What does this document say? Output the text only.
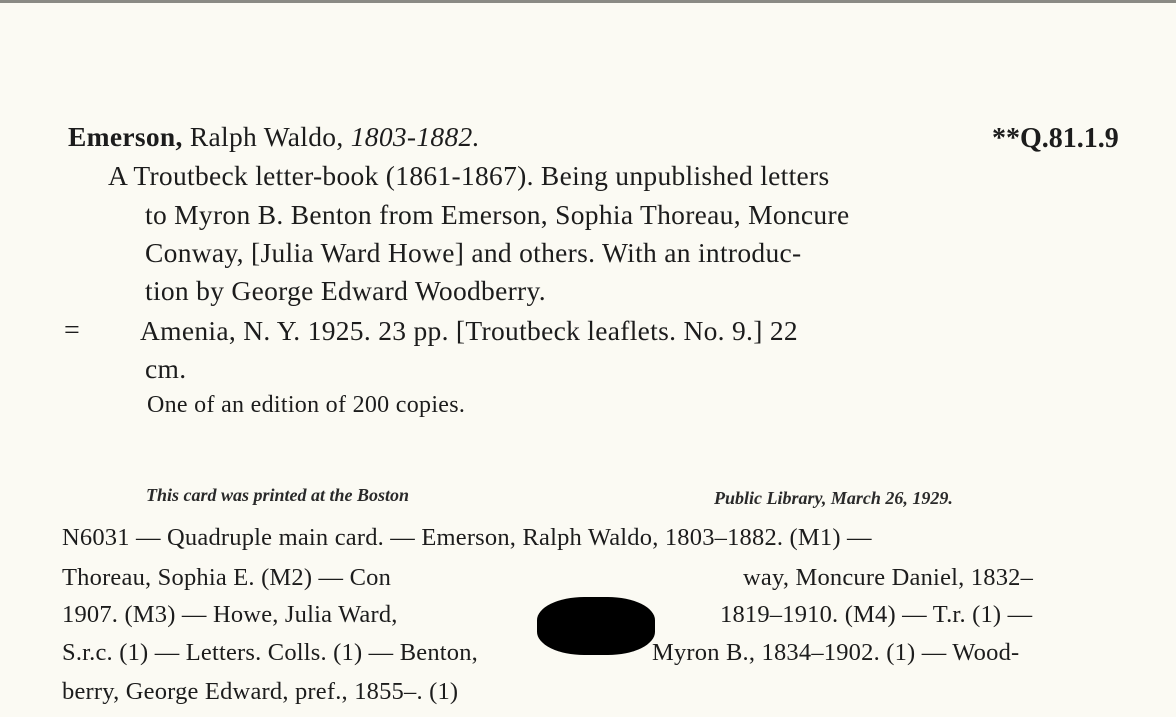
Emerson, Ralph Waldo, 1803-1882.	**Q.81.1.9
A Troutbeck letter-book (1861-1867). Being unpublished letters
to Myron B. Benton from Emerson, Sophia Thoreau, Moncure
Conway, [Julia Ward Howe] and others. With an introduc-
tion by George Edward Woodberry.
= Amenia, N. Y. 1925. 23 pp. [Troutbeck leaflets. No. 9.] 22
cm.
One of an edition of 200 copies.
This card was printed at the Boston	Public Library, March 26, 1929.
N6031 — Quadruple main card. — Emerson, Ralph Waldo, 1803–1882. (M1) —
Thoreau, Sophia E. (M2) — Con	way, Moncure Daniel, 1832–
1907. (M3) — Howe, Julia Ward,	1819–1910. (M4) — T.r. (1) —
S.r.c. (1) — Letters. Colls. (1) — Benton,	Myron B., 1834–1902. (1) — Wood-
berry, George Edward, pref., 1855–. (1)
